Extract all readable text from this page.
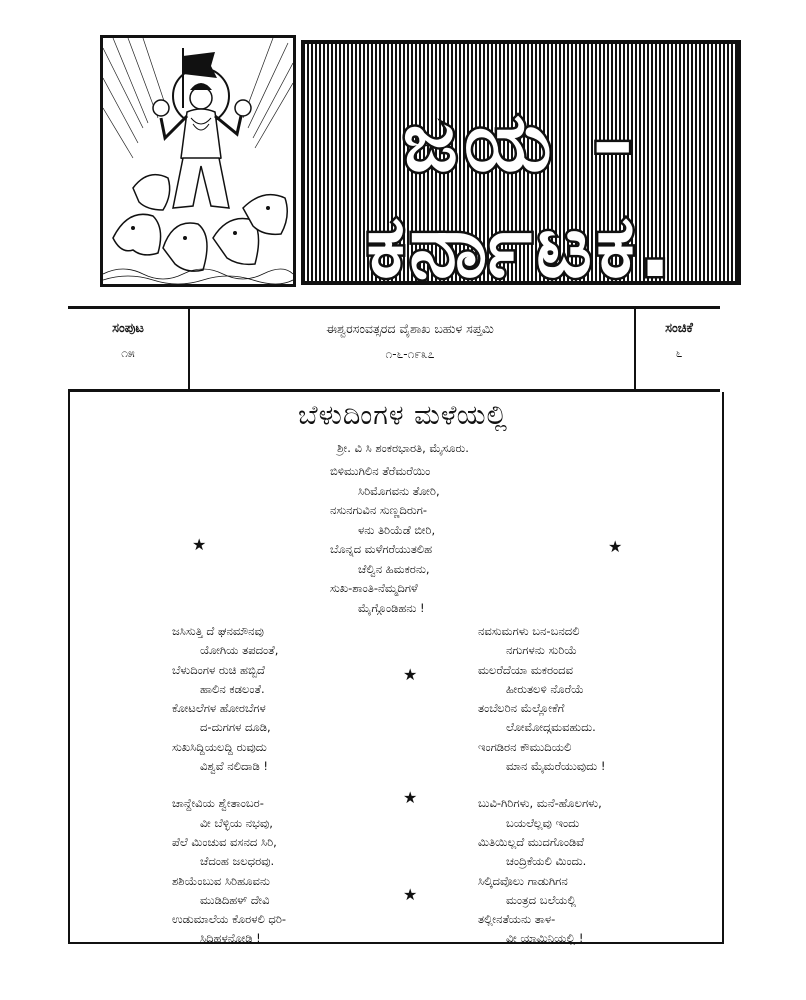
ಜಯ –
ಕರ್ನಾಟಕ.
ಸಂಪುಟ
೧೫
ಈಶ್ವರಸಂವತ್ಸರದ ವೈಶಾಖ ಬಹುಳ ಸಪ್ತಮಿ
೧-೬-೧೯೩೭
ಸಂಚಿಕೆ
೬
ಬೆಳುದಿಂಗಳ ಮಳೆಯಲ್ಲಿ
ಶ್ರೀ. ವಿ ಸಿ ಶಂಕರಭಾರತಿ, ಮೈಸೂರು.
ಬಿಳಿಮುಗಿಲಿನ ತೆರೆಮರೆಯಿಂ
ಸಿರಿಮೊಗವನು ತೋರಿ,
ನಸುನಗುವಿನ ಸುಣ್ಣದಿರುಗ-
ಳನು ತಿರಿಯೆಡೆ ಬೀರಿ,
ಬೊನ್ನದ ಮಳೆಗರೆಯುತಲಿಹ
ಚೆಲ್ವಿನ ಹಿಮಕರನು,
ಸುಖ-ಶಾಂತಿ-ನೆಮ್ಮದಿಗಳೆ
ಮೈಗ್ಗೊಂಡಿಹನು !
ಜಸಿಸುತ್ತಿ ದೆ ಘನಮೌನವು
ಯೋಗಿಯ ತಪದಂತೆ,
ಬೆಳುದಿಂಗಳ ರುಚಿ ಹಬ್ಬಿದೆ
ಹಾಲಿನ ಕಡಲಂತೆ.
ಕೋಟಲೆಗಳ ಹೋರಬೆಗಳ
ದ-ದುಗಗಳ ದೂಡಿ,
ಸುಖಸಿದ್ದಿಯಲದ್ದಿ ರುವುದು
ವಿಶ್ವವೆ ನಲಿದಾಡಿ !
ಚಾನ್ದೇವಿಯ ಶ್ವೇತಾಂಬರ-
ವೀ ಬೆಳ್ಳಿಯ ನಭವು,
ಪೆಲೆ ಮಿಂಚುವ ವಸನದ ಸಿರಿ,
ಚೆದಂಹ ಜಲಧರವು.
ಶಶಿಯೆಂಬುವ ಸಿರಿಹೂವನು
ಮುಡಿದಿಹಳ್ ದೇವಿ
ಉಡುಮಾಲೆಯ ಕೊರಳಲಿ ಧರಿ-
ಸಿದಿಹಳನೋಡಿ !
ನವಸುಮಗಳು ಬನ-ಬನದಲಿ
ನಗುಗಳನು ಸುರಿಯೆ
ಮಲರೆದೆಯಾ ಮಕರಂದವ
ಹೀರುತಲಳಿ ನೊರೆಯೆ
ತಂಬೆಲರಿನ ಮೆಲ್ಲೋಕೆಗೆ
ಲೋಮೋದ್ಗಮವಹುದು.
ಇಂಗಡಿರನ ಕೌಮುದಿಯಲಿ
ಮಾನ ಮೈಮರೆಯುವುದು !
ಬುವಿ-ಗಿರಿಗಳು, ಮನೆ-ಹೊಲಗಳು,
ಬಯಲೆಲ್ಲವು ಇಂದು
ಮಿತಿಯಿಲ್ಲದೆ ಮುದಗೊಂಡಿವೆ
ಚಂದ್ರಿಕೆಯಲಿ ಮಿಂದು.
ಸಿಲ್ಕಿದವೊಲು ಗಾಡುಗಿಗನ
ಮಂತ್ರದ ಬಲೆಯಲ್ಲಿ
ತಲ್ಲೀನತೆಯನು ತಾಳ-
ವೀ ಯಾಮಿನಿಯಲ್ಲಿ !
★	★
★
★
★
